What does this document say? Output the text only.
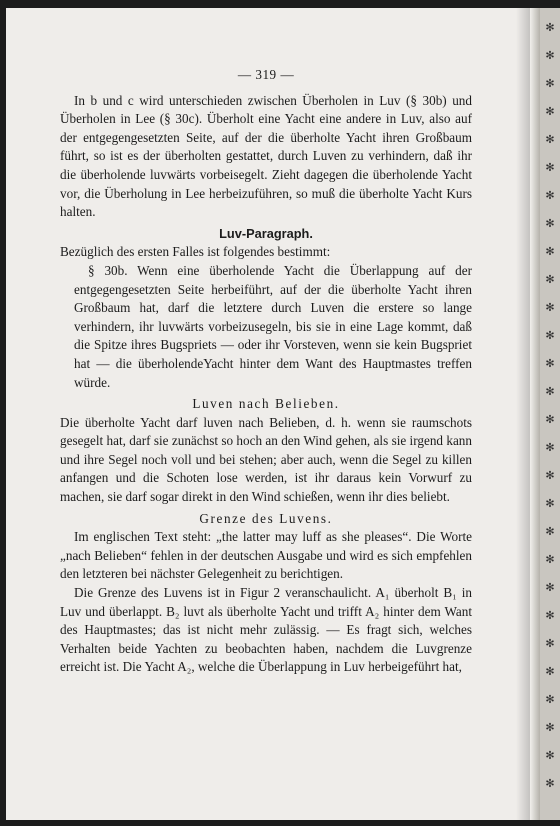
✻
✻
✻
✻
✻
✻
✻
✻
✻
✻
✻
✻
✻
✻
✻
✻
✻
✻
✻
✻
✻
✻
✻
✻
✻
✻
✻
✻
— 319 —

In b und c wird unterschieden zwischen Überholen in Luv (§ 30b) und Überholen in Lee (§ 30c). Überholt eine Yacht eine andere in Luv, also auf der entgegengesetzten Seite, auf der die überholte Yacht ihren Großbaum führt, so ist es der überholten gestattet, durch Luven zu verhindern, daß ihr die überholende luvwärts vorbeisegelt. Zieht dagegen die überholende Yacht vor, die Überholung in Lee herbeizuführen, so muß die überholte Yacht Kurs halten.

Luv-Paragraph.

Bezüglich des ersten Falles ist folgendes bestimmt:

§ 30b. Wenn eine überholende Yacht die Überlappung auf der entgegengesetzten Seite herbeiführt, auf der die überholte Yacht ihren Großbaum hat, darf die letztere durch Luven die erstere so lange verhindern, ihr luvwärts vorbeizusegeln, bis sie in eine Lage kommt, daß die Spitze ihres Bugspriets — oder ihr Vorsteven, wenn sie kein Bugspriet hat — die überholendeYacht hinter dem Want des Hauptmastes treffen würde.

Luven nach Belieben.

Die überholte Yacht darf luven nach Belieben, d. h. wenn sie raumschots gesegelt hat, darf sie zunächst so hoch an den Wind gehen, als sie irgend kann und ihre Segel noch voll und bei stehen; aber auch, wenn die Segel zu killen anfangen und die Schoten lose werden, ist ihr daraus kein Vorwurf zu machen, sie darf sogar direkt in den Wind schießen, wenn ihr dies beliebt.

Grenze des Luvens.

Im englischen Text steht: „the latter may luff as she pleases“. Die Worte „nach Belieben“ fehlen in der deutschen Ausgabe und wird es sich empfehlen den letzteren bei nächster Gelegenheit zu berichtigen.

Die Grenze des Luvens ist in Figur 2 veranschaulicht. A₁ überholt B₁ in Luv und überlappt. B₂ luvt als überholte Yacht und trifft A₂ hinter dem Want des Hauptmastes; das ist nicht mehr zulässig. — Es fragt sich, welches Verhalten beide Yachten zu beobachten haben, nachdem die Luvgrenze erreicht ist. Die Yacht A₂, welche die Überlappung in Luv herbeigeführt hat,
